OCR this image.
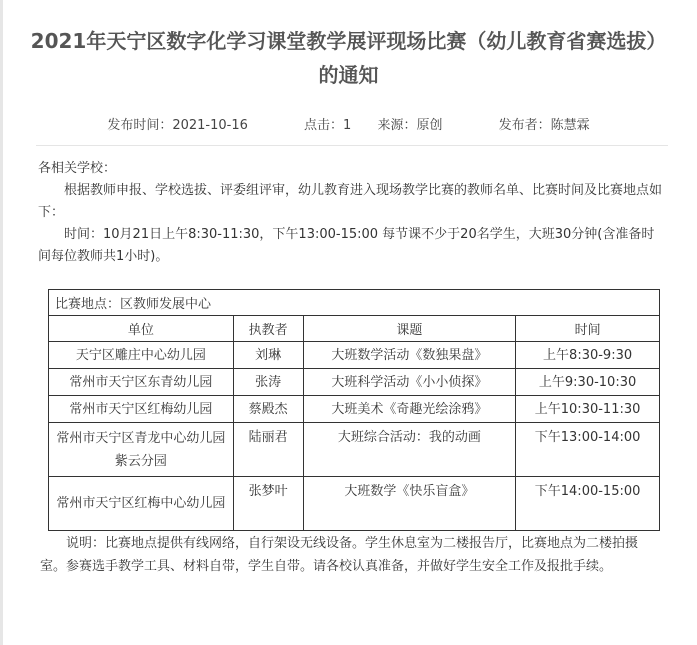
2021年天宁区数字化学习课堂教学展评现场比赛（幼儿教育省赛选拔）
的通知
发布时间：2021-10-16	点击：1 来源：原创	发布者：陈慧霖

各相关学校：

根据教师申报、学校选拔、评委组评审，幼儿教育进入现场教学比赛的教师名单、比赛时间及比赛地点如下：

时间：10月21日上午8:30-11:30，下午13:00-15:00 每节课不少于20名学生，大班30分钟(含准备时间每位教师共1小时)。

比赛地点：区教师发展中心			
单位	执教者	课题	时间
天宁区雕庄中心幼儿园	刘琳	大班数学活动《数独果盘》	上午8:30-9:30
常州市天宁区东青幼儿园	张涛	大班科学活动《小小侦探》	上午9:30-10:30
常州市天宁区红梅幼儿园	蔡殿杰	大班美术《奇趣光绘涂鸦》	上午10:30-11:30
常州市天宁区青龙中心幼儿园紫云分园	陆丽君	大班综合活动：我的动画	下午13:00-14:00
常州市天宁区红梅中心幼儿园	张梦叶	大班数学《快乐盲盒》	下午14:00-15:00

说明：比赛地点提供有线网络，自行架设无线设备。学生休息室为二楼报告厅，比赛地点为二楼拍摄室。参赛选手教学工具、材料自带，学生自带。请各校认真准备，并做好学生安全工作及报批手续。
